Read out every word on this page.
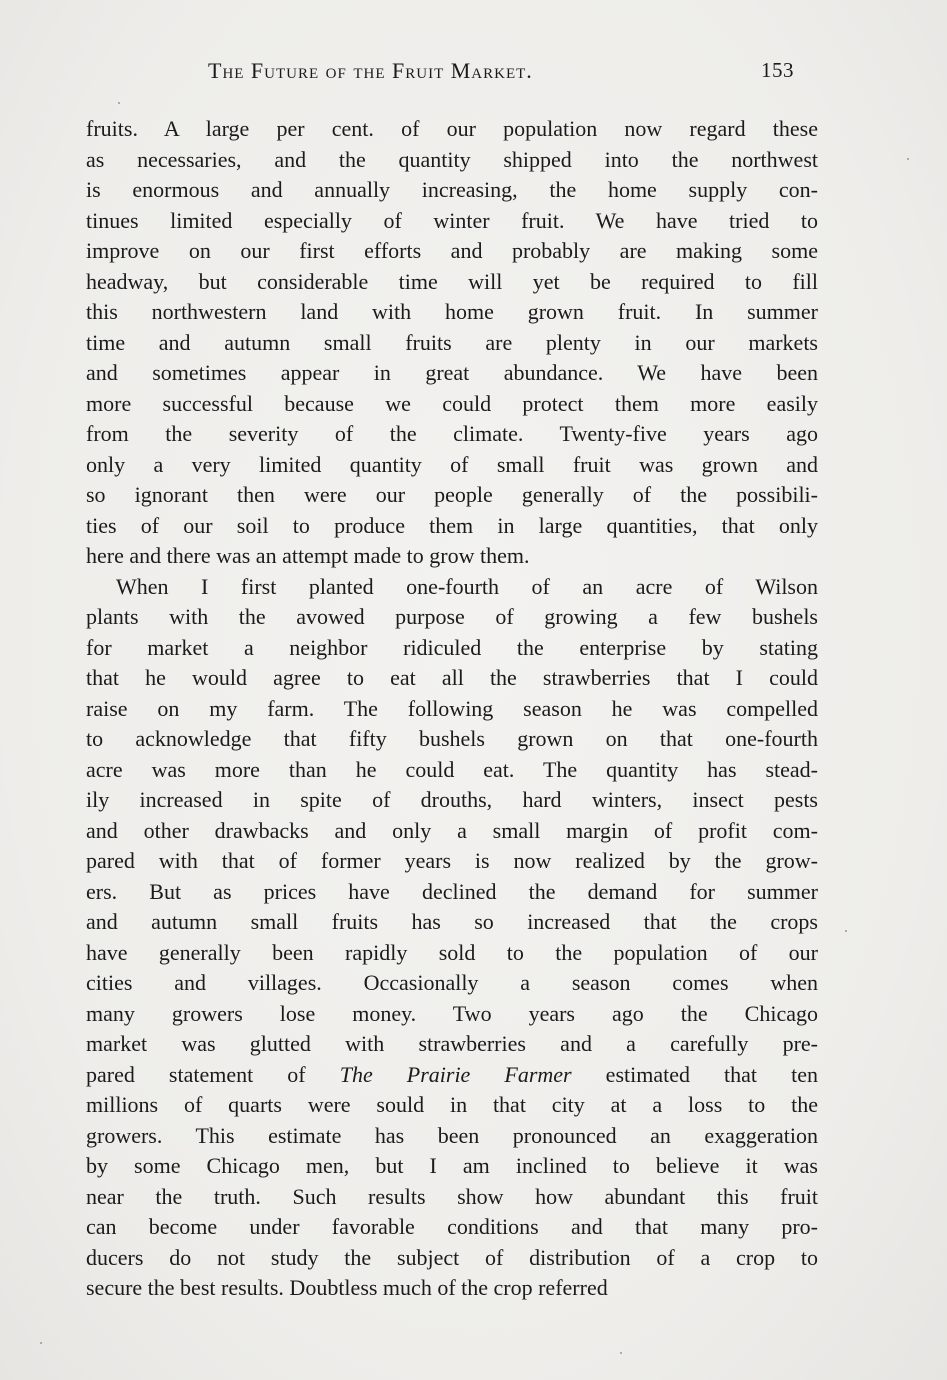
The Future of the Fruit Market.	153
fruits. A large per cent. of our population now regard these
as necessaries, and the quantity shipped into the northwest
is enormous and annually increasing, the home supply con-
tinues limited especially of winter fruit. We have tried to
improve on our first efforts and probably are making some
headway, but considerable time will yet be required to fill
this northwestern land with home grown fruit. In summer
time and autumn small fruits are plenty in our markets
and sometimes appear in great abundance. We have been
more successful because we could protect them more easily
from the severity of the climate. Twenty-five years ago
only a very limited quantity of small fruit was grown and
so ignorant then were our people generally of the possibili-
ties of our soil to produce them in large quantities, that only
here and there was an attempt made to grow them.
When I first planted one-fourth of an acre of Wilson
plants with the avowed purpose of growing a few bushels
for market a neighbor ridiculed the enterprise by stating
that he would agree to eat all the strawberries that I could
raise on my farm. The following season he was compelled
to acknowledge that fifty bushels grown on that one-fourth
acre was more than he could eat. The quantity has stead-
ily increased in spite of drouths, hard winters, insect pests
and other drawbacks and only a small margin of profit com-
pared with that of former years is now realized by the grow-
ers. But as prices have declined the demand for summer
and autumn small fruits has so increased that the crops
have generally been rapidly sold to the population of our
cities and villages. Occasionally a season comes when
many growers lose money. Two years ago the Chicago
market was glutted with strawberries and a carefully pre-
pared statement of The Prairie Farmer estimated that ten
millions of quarts were sould in that city at a loss to the
growers. This estimate has been pronounced an exaggeration
by some Chicago men, but I am inclined to believe it was
near the truth. Such results show how abundant this fruit
can become under favorable conditions and that many pro-
ducers do not study the subject of distribution of a crop to
secure the best results. Doubtless much of the crop referred
